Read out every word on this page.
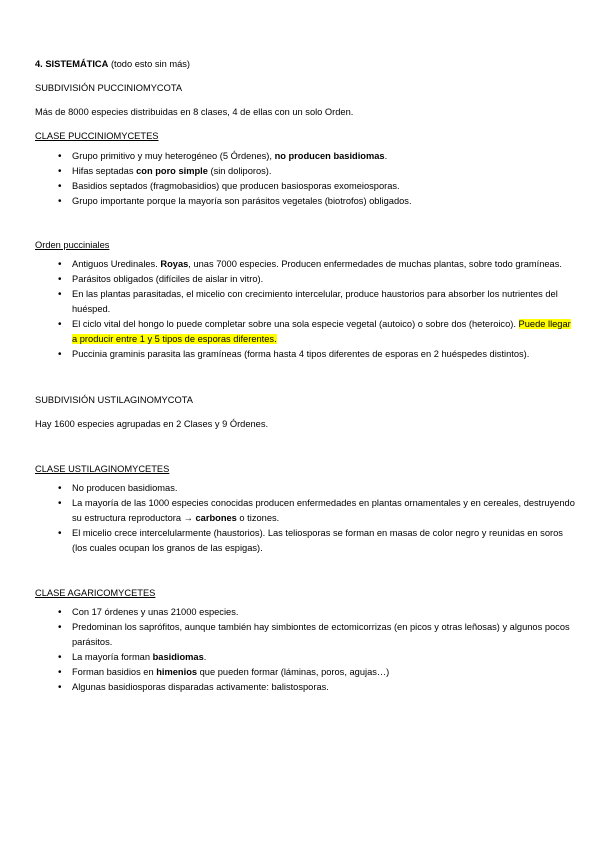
4. SISTEMÁTICA (todo esto sin más)
SUBDIVISIÓN PUCCINIOMYCOTA
Más de 8000 especies distribuidas en 8 clases, 4 de ellas con un solo Orden.
CLASE PUCCINIOMYCETES
• Grupo primitivo y muy heterogéneo (5 Órdenes), no producen basidiomas.
• Hifas septadas con poro simple (sin doliporos).
• Basidios septados (fragmobasidios) que producen basiosporas exomeiosporas.
• Grupo importante porque la mayoría son parásitos vegetales (biotrofos) obligados.
Orden pucciniales
• Antiguos Uredinales. Royas, unas 7000 especies. Producen enfermedades de muchas plantas, sobre todo gramíneas.
• Parásitos obligados (difíciles de aislar in vitro).
• En las plantas parasitadas, el micelio con crecimiento intercelular, produce haustorios para absorber los nutrientes del huésped.
• El ciclo vital del hongo lo puede completar sobre una sola especie vegetal (autoico) o sobre dos (heteroico). Puede llegar a producir entre 1 y 5 tipos de esporas diferentes.
• Puccinia graminis parasita las gramíneas (forma hasta 4 tipos diferentes de esporas en 2 huéspedes distintos).
SUBDIVISIÓN USTILAGINOMYCOTA
Hay 1600 especies agrupadas en 2 Clases y 9 Órdenes.
CLASE USTILAGINOMYCETES
• No producen basidiomas.
• La mayoría de las 1000 especies conocidas producen enfermedades en plantas ornamentales y en cereales, destruyendo su estructura reproductora → carbones o tizones.
• El micelio crece intercelularmente (haustorios). Las teliosporas se forman en masas de color negro y reunidas en soros (los cuales ocupan los granos de las espigas).
CLASE AGARICOMYCETES
• Con 17 órdenes y unas 21000 especies.
• Predominan los saprófitos, aunque también hay simbiontes de ectomicorrizas (en picos y otras leñosas) y algunos pocos parásitos.
• La mayoría forman basidiomas.
• Forman basidios en himenios que pueden formar (láminas, poros, agujas…)
• Algunas basidiosporas disparadas activamente: balistosporas.
